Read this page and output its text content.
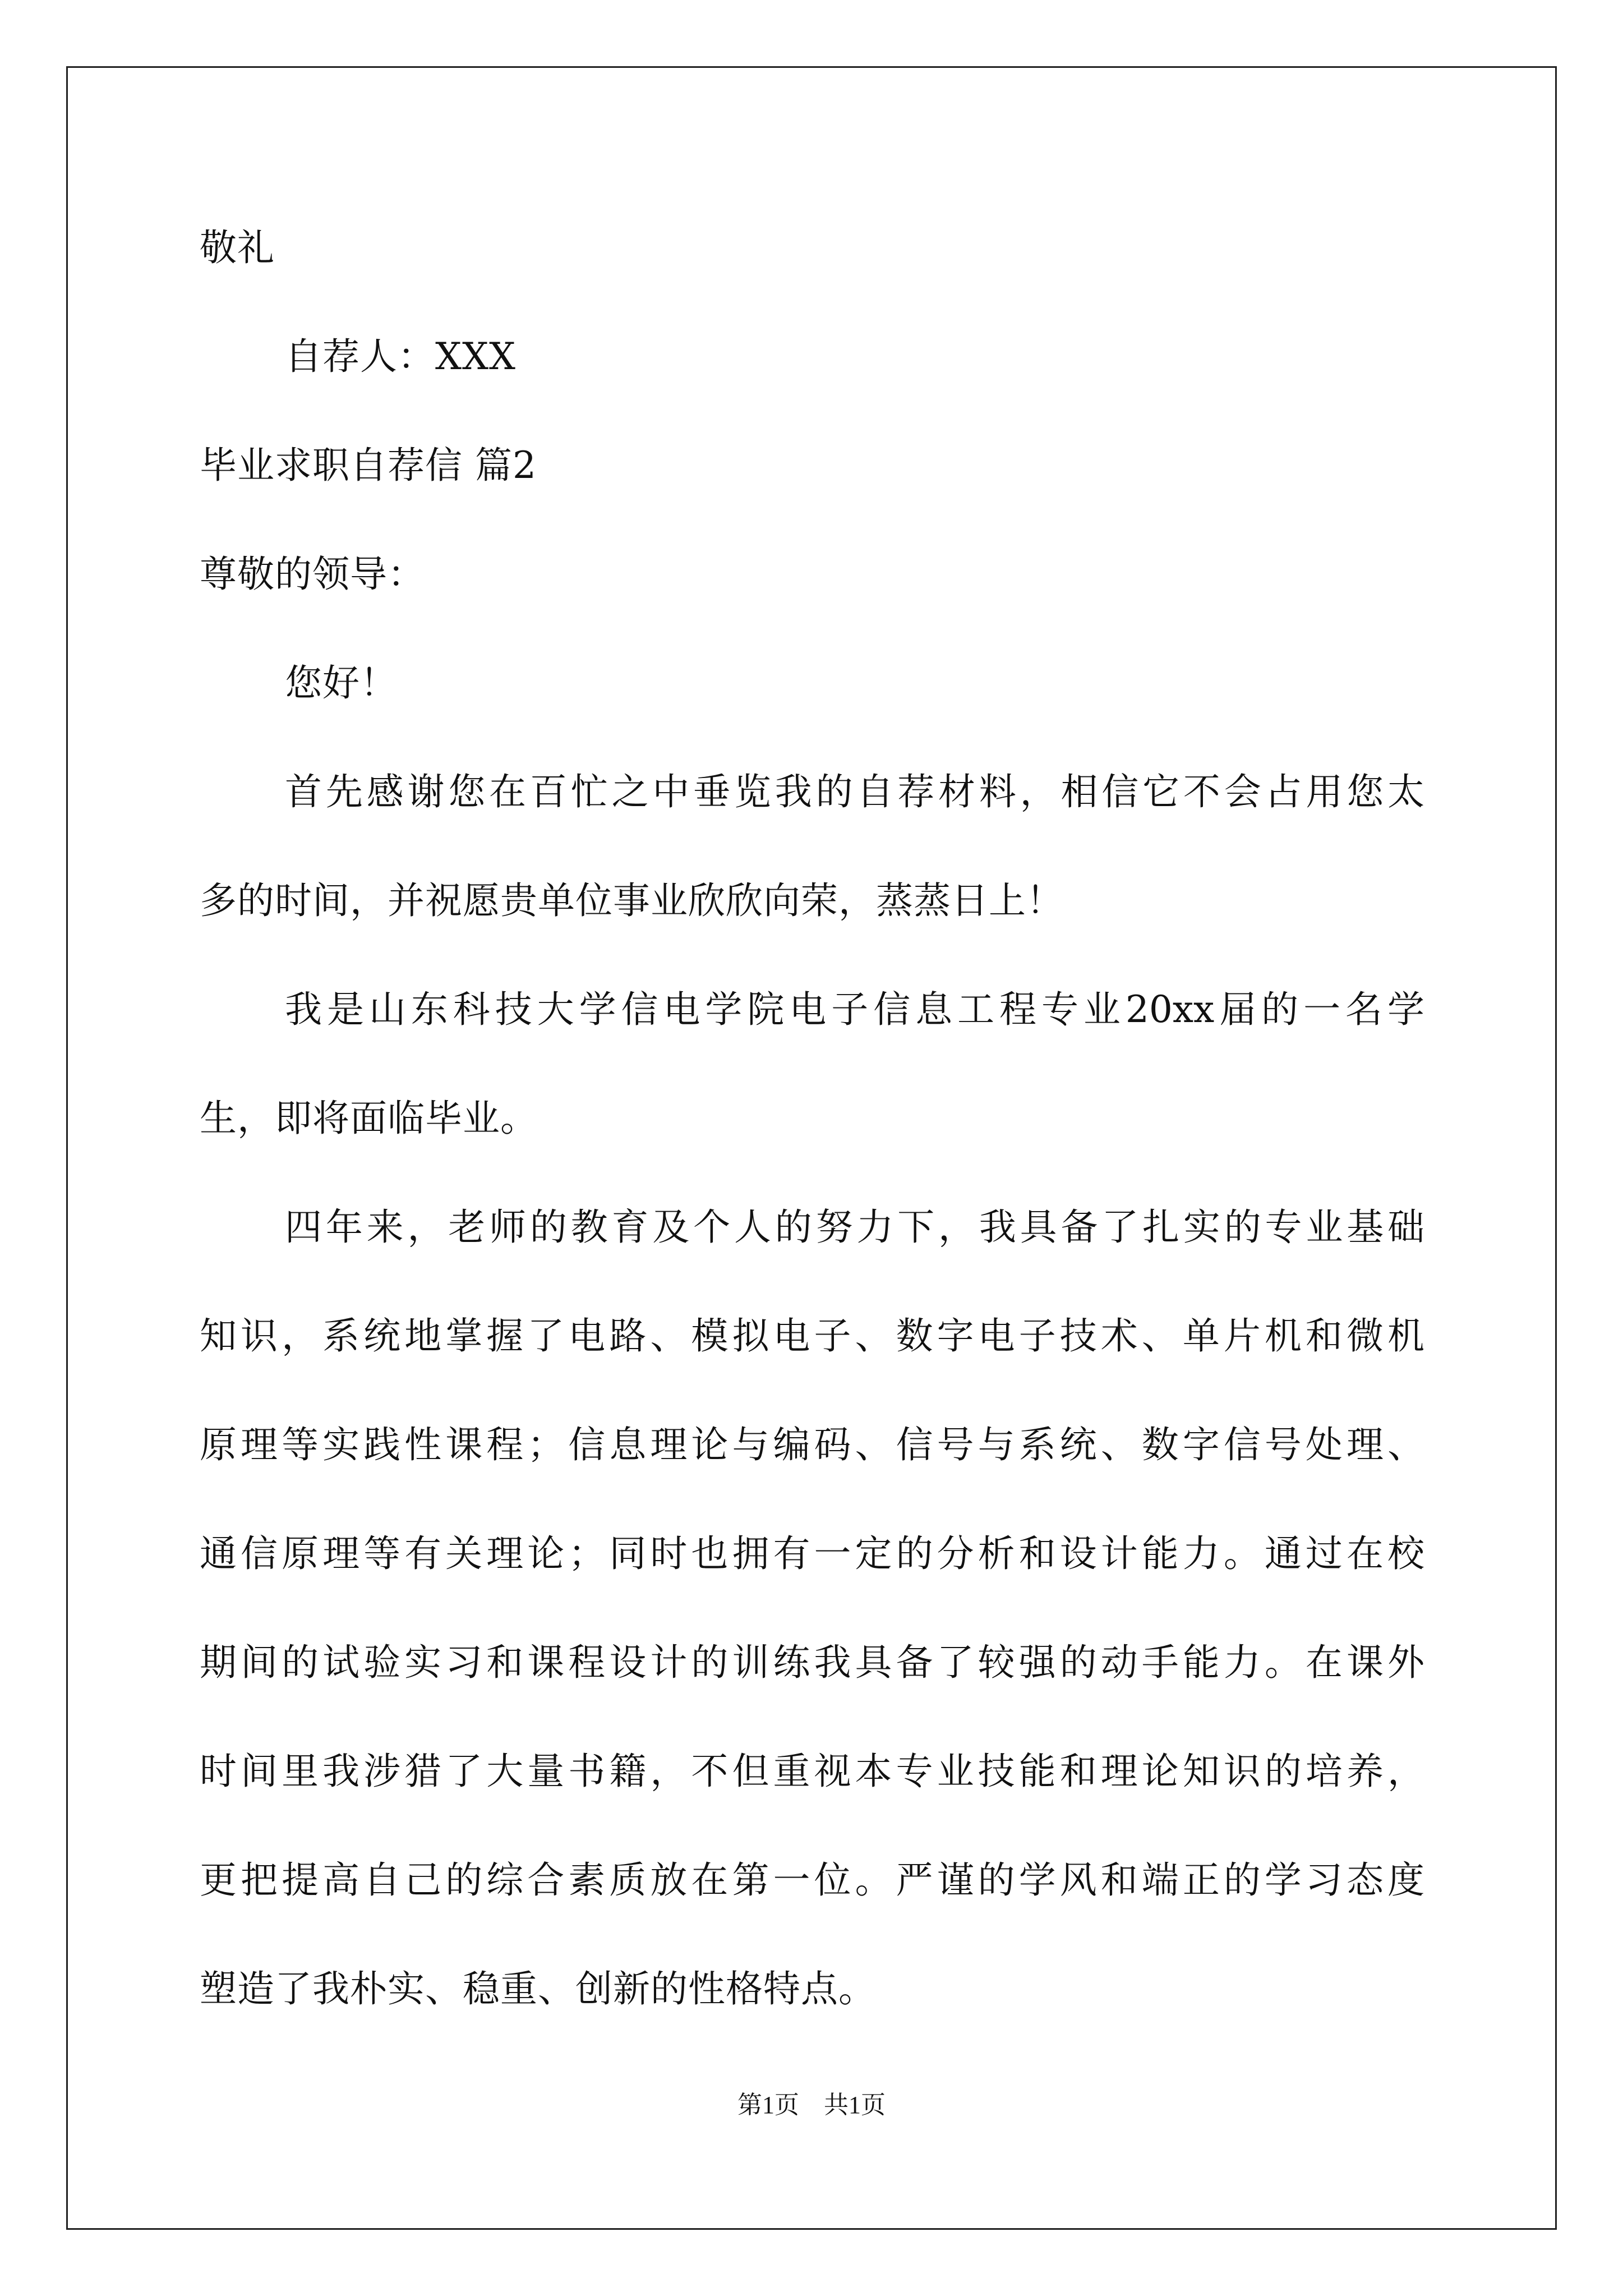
敬礼
自荐人：XXX
毕业求职自荐信 篇2
尊敬的领导：
您好！
首先感谢您在百忙之中垂览我的自荐材料，相信它不会占用您太
多的时间，并祝愿贵单位事业欣欣向荣，蒸蒸日上！
我是山东科技大学信电学院电子信息工程专业20xx届的一名学
生，即将面临毕业。
四年来，老师的教育及个人的努力下，我具备了扎实的专业基础
知识，系统地掌握了电路、模拟电子、数字电子技术、单片机和微机
原理等实践性课程；信息理论与编码、信号与系统、数字信号处理、
通信原理等有关理论；同时也拥有一定的分析和设计能力。通过在校
期间的试验实习和课程设计的训练我具备了较强的动手能力。在课外
时间里我涉猎了大量书籍，不但重视本专业技能和理论知识的培养，
更把提高自己的综合素质放在第一位。严谨的学风和端正的学习态度
塑造了我朴实、稳重、创新的性格特点。
第1页　共1页
